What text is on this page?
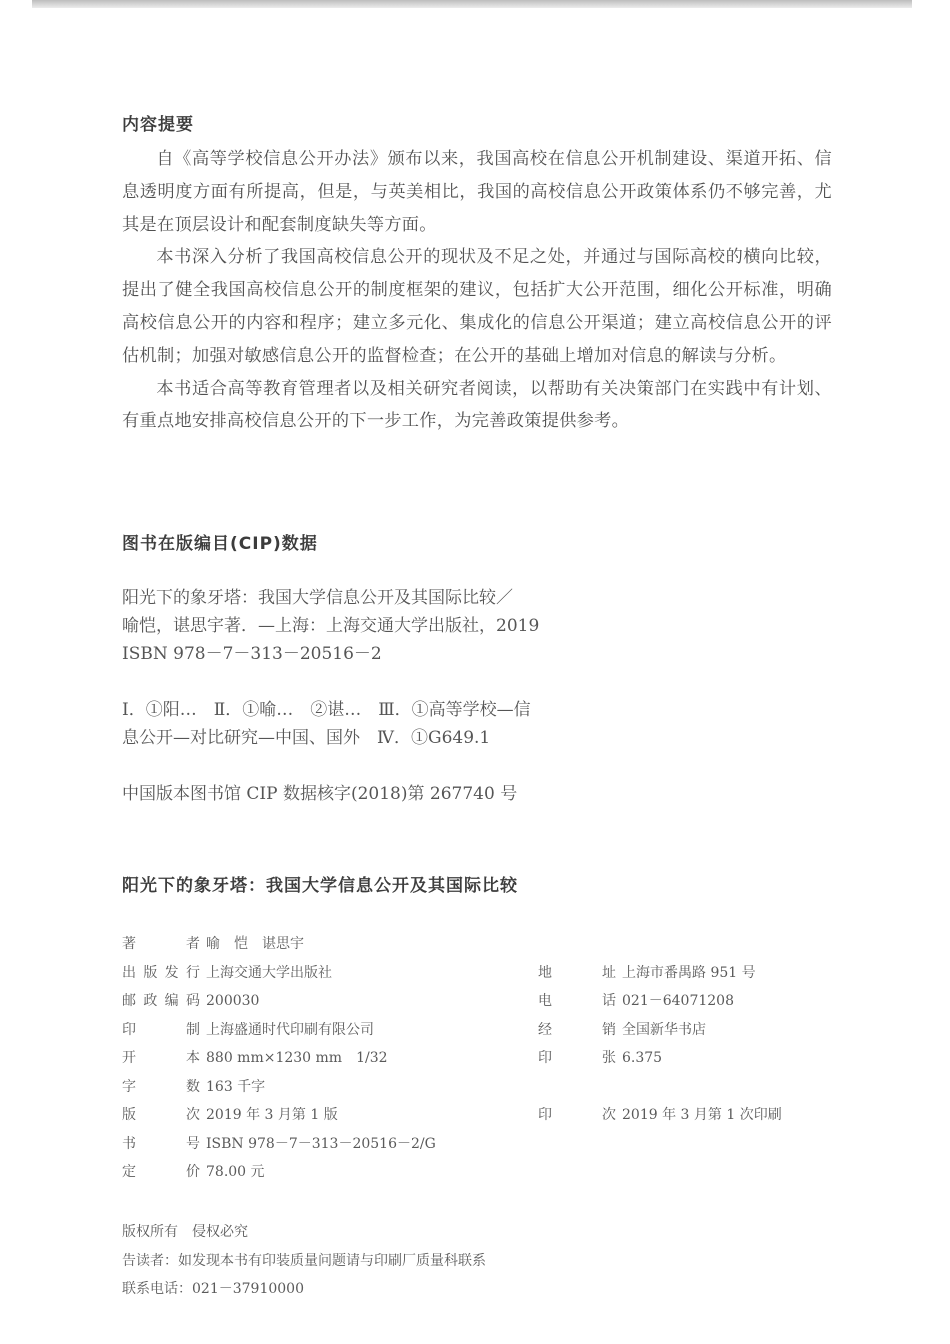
内容提要

自《高等学校信息公开办法》颁布以来，我国高校在信息公开机制建设、渠道开拓、信息透明度方面有所提高，但是，与英美相比，我国的高校信息公开政策体系仍不够完善，尤其是在顶层设计和配套制度缺失等方面。

本书深入分析了我国高校信息公开的现状及不足之处，并通过与国际高校的横向比较，提出了健全我国高校信息公开的制度框架的建议，包括扩大公开范围，细化公开标准，明确高校信息公开的内容和程序；建立多元化、集成化的信息公开渠道；建立高校信息公开的评估机制；加强对敏感信息公开的监督检查；在公开的基础上增加对信息的解读与分析。

本书适合高等教育管理者以及相关研究者阅读，以帮助有关决策部门在实践中有计划、有重点地安排高校信息公开的下一步工作，为完善政策提供参考。

图书在版编目(CIP)数据
阳光下的象牙塔：我国大学信息公开及其国际比较／
喻恺，谌思宇著．—上海：上海交通大学出版社，2019
ISBN 978－7－313－20516－2
Ⅰ．①阳…　Ⅱ．①喻…　②谌…　Ⅲ．①高等学校—信
息公开—对比研究—中国、国外　Ⅳ．①G649.1
中国版本图书馆 CIP 数据核字(2018)第 267740 号
阳光下的象牙塔：我国大学信息公开及其国际比较
著　　者 喻　恺　谌思宇
出版发行 上海交通大学出版社	地　　址 上海市番禺路 951 号
邮政编码 200030	电　　话 021－64071208
印　　制 上海盛通时代印刷有限公司	经　　销 全国新华书店
开　　本 880 mm×1230 mm　1/32	印　　张 6.375
字　　数 163 千字
版　　次 2019 年 3 月第 1 版	印　　次 2019 年 3 月第 1 次印刷
书　　号 ISBN 978－7－313－20516－2/G
定　　价 78.00 元
版权所有　侵权必究
告读者：如发现本书有印装质量问题请与印刷厂质量科联系
联系电话：021－37910000
